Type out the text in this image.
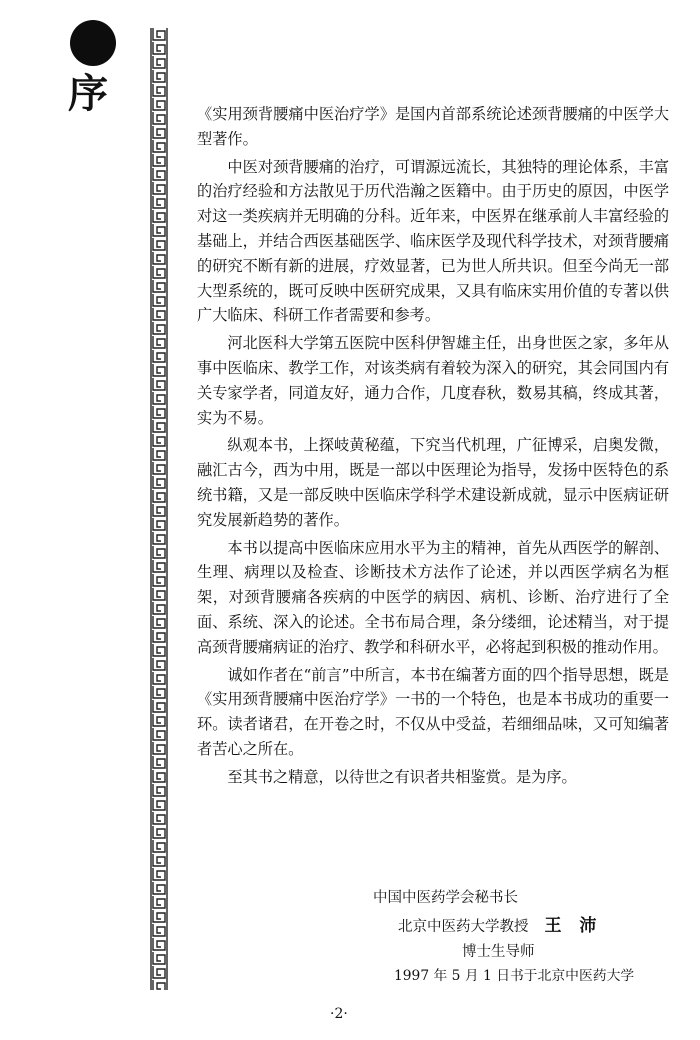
序	《实用颈背腰痛中医治疗学》是国内首部系统论述颈背腰痛的中医学大型著作。

中医对颈背腰痛的治疗，可谓源远流长，其独特的理论体系，丰富的治疗经验和方法散见于历代浩瀚之医籍中。由于历史的原因，中医学对这一类疾病并无明确的分科。近年来，中医界在继承前人丰富经验的基础上，并结合西医基础医学、临床医学及现代科学技术，对颈背腰痛的研究不断有新的进展，疗效显著，已为世人所共识。但至今尚无一部大型系统的，既可反映中医研究成果，又具有临床实用价值的专著以供广大临床、科研工作者需要和参考。

河北医科大学第五医院中医科伊智雄主任，出身世医之家，多年从事中医临床、教学工作，对该类病有着较为深入的研究，其会同国内有关专家学者，同道友好，通力合作，几度春秋，数易其稿，终成其著，实为不易。

纵观本书，上探岐黄秘蕴，下究当代机理，广征博采，启奥发微，融汇古今，西为中用，既是一部以中医理论为指导，发扬中医特色的系统书籍，又是一部反映中医临床学科学术建设新成就，显示中医病证研究发展新趋势的著作。

本书以提高中医临床应用水平为主的精神，首先从西医学的解剖、生理、病理以及检查、诊断技术方法作了论述，并以西医学病名为框架，对颈背腰痛各疾病的中医学的病因、病机、诊断、治疗进行了全面、系统、深入的论述。全书布局合理，条分缕细，论述精当，对于提高颈背腰痛病证的治疗、教学和科研水平，必将起到积极的推动作用。

诚如作者在“前言”中所言，本书在编著方面的四个指导思想，既是《实用颈背腰痛中医治疗学》一书的一个特色，也是本书成功的重要一环。读者诸君，在开卷之时，不仅从中受益，若细细品味，又可知编著者苦心之所在。

至其书之精意，以待世之有识者共相鉴赏。是为序。

中国中医药学会秘书长
北京中医药大学教授 王 沛
博士生导师
1997 年 5 月 1 日书于北京中医药大学
·2·
